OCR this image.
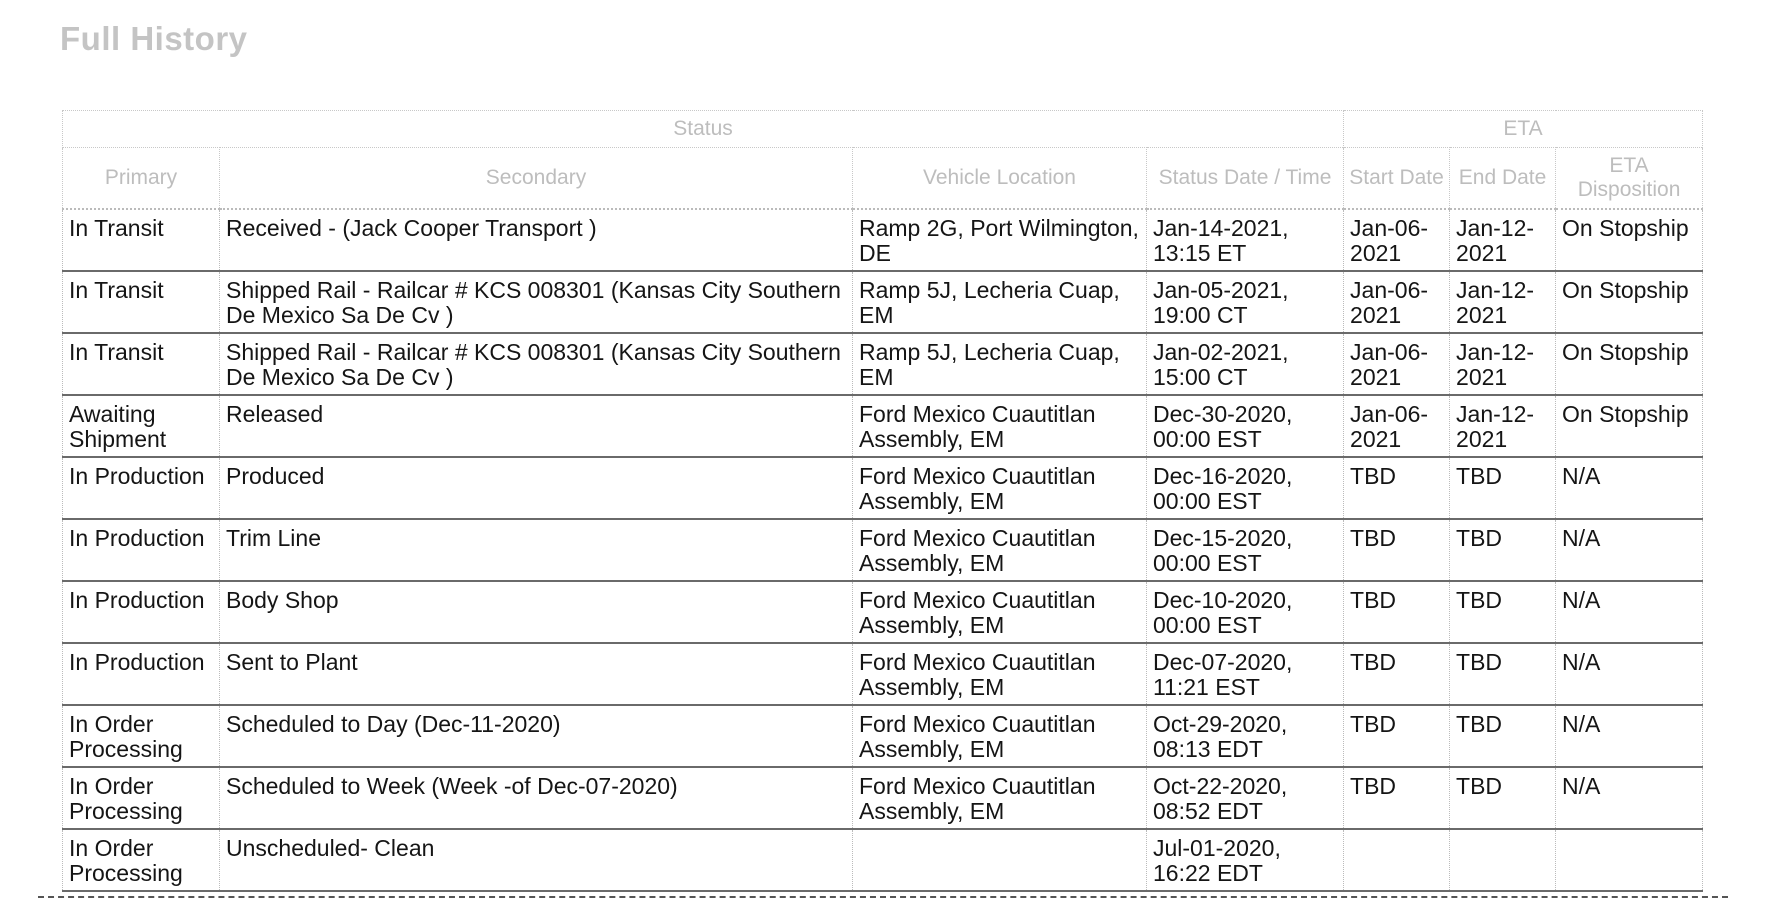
Full History
Status				ETA		
Primary	Secondary	Vehicle Location	Status Date / Time	Start Date	End Date	ETA Disposition
In Transit	Received - (Jack Cooper Transport )	Ramp 2G, Port Wilmington, DE	Jan-14-2021, 13:15 ET	Jan-06-2021	Jan-12-2021	On Stopship
In Transit	Shipped Rail - Railcar # KCS 008301 (Kansas City Southern De Mexico Sa De Cv )	Ramp 5J, Lecheria Cuap, EM	Jan-05-2021, 19:00 CT	Jan-06-2021	Jan-12-2021	On Stopship
In Transit	Shipped Rail - Railcar # KCS 008301 (Kansas City Southern De Mexico Sa De Cv )	Ramp 5J, Lecheria Cuap, EM	Jan-02-2021, 15:00 CT	Jan-06-2021	Jan-12-2021	On Stopship
Awaiting Shipment	Released	Ford Mexico Cuautitlan Assembly, EM	Dec-30-2020, 00:00 EST	Jan-06-2021	Jan-12-2021	On Stopship
In Production	Produced	Ford Mexico Cuautitlan Assembly, EM	Dec-16-2020, 00:00 EST	TBD	TBD	N/A
In Production	Trim Line	Ford Mexico Cuautitlan Assembly, EM	Dec-15-2020, 00:00 EST	TBD	TBD	N/A
In Production	Body Shop	Ford Mexico Cuautitlan Assembly, EM	Dec-10-2020, 00:00 EST	TBD	TBD	N/A
In Production	Sent to Plant	Ford Mexico Cuautitlan Assembly, EM	Dec-07-2020, 11:21 EST	TBD	TBD	N/A
In Order Processing	Scheduled to Day (Dec-11-2020)	Ford Mexico Cuautitlan Assembly, EM	Oct-29-2020, 08:13 EDT	TBD	TBD	N/A
In Order Processing	Scheduled to Week (Week -of Dec-07-2020)	Ford Mexico Cuautitlan Assembly, EM	Oct-22-2020, 08:52 EDT	TBD	TBD	N/A
In Order Processing	Unscheduled- Clean		Jul-01-2020, 16:22 EDT			
